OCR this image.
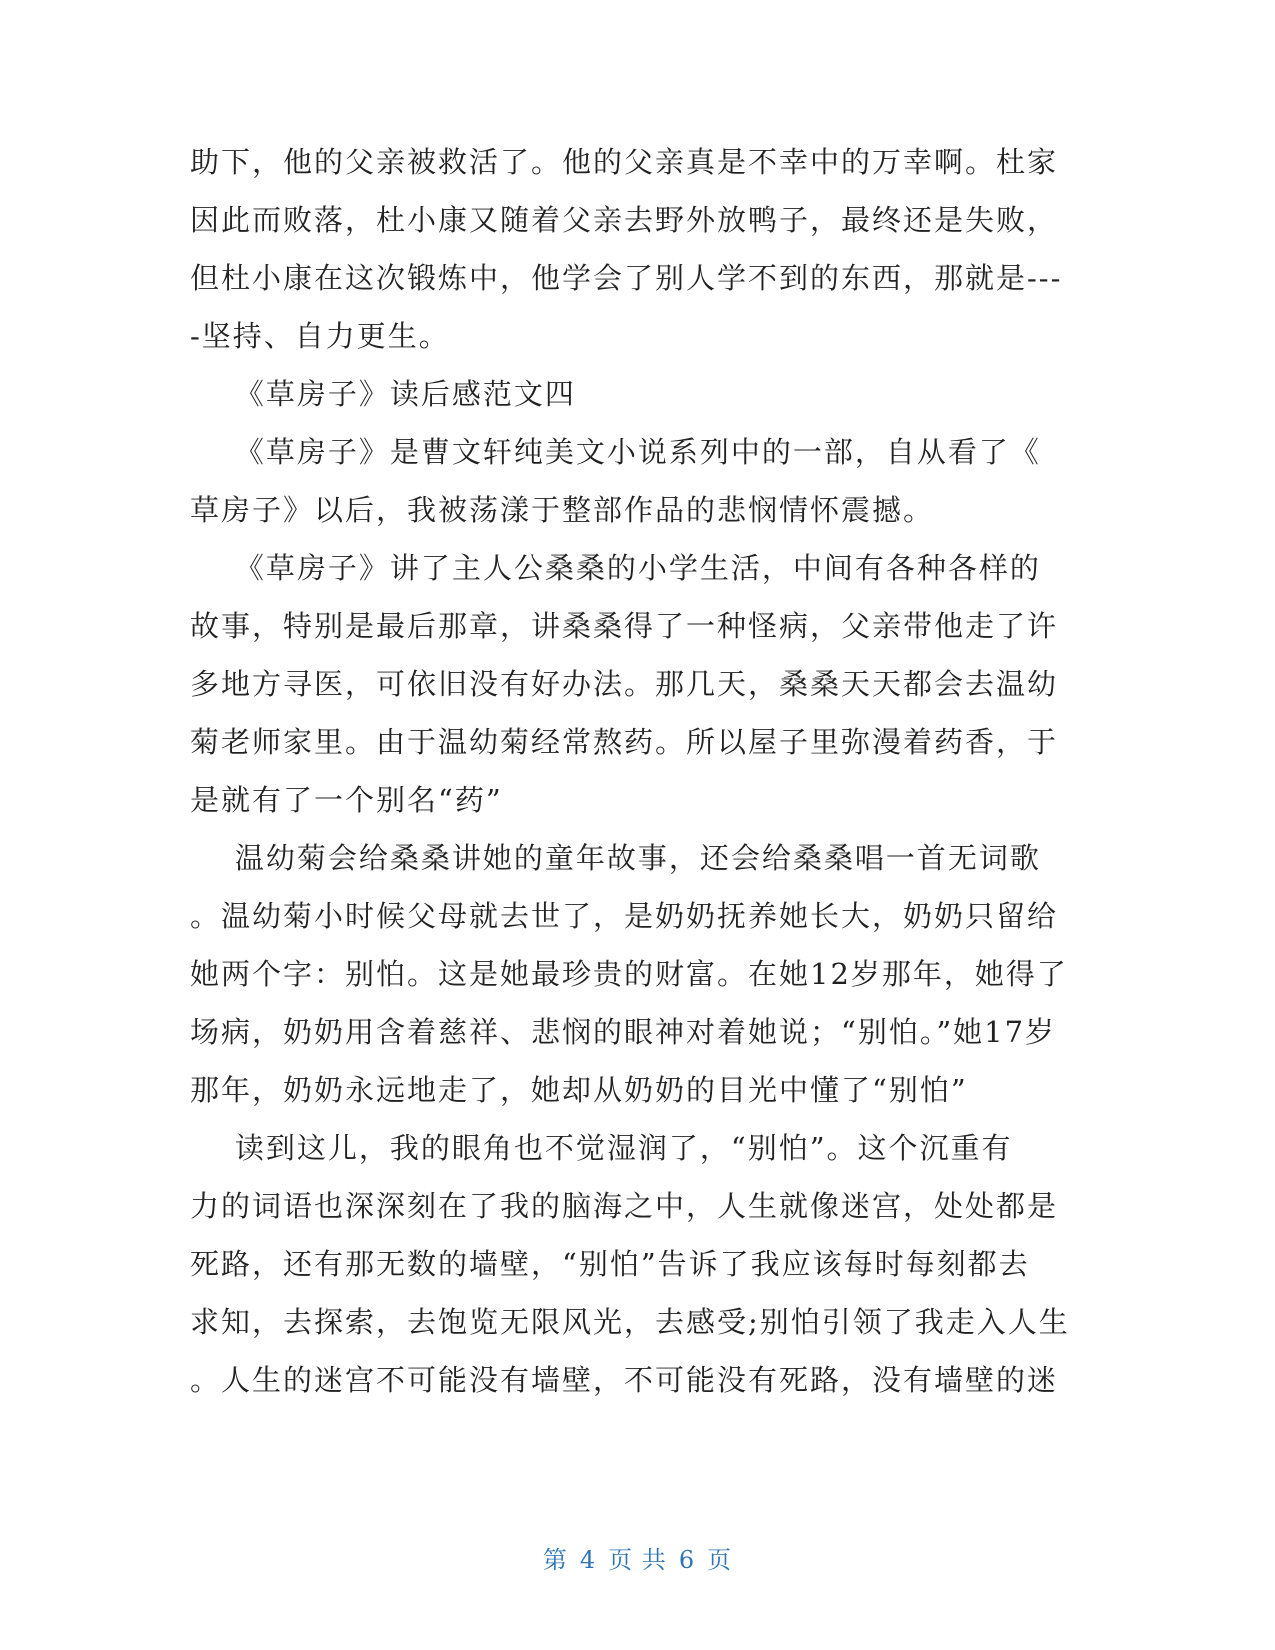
助下，他的父亲被救活了。他的父亲真是不幸中的万幸啊。杜家
因此而败落，杜小康又随着父亲去野外放鸭子，最终还是失败，
但杜小康在这次锻炼中，他学会了别人学不到的东西，那就是---
-坚持、自力更生。
《草房子》读后感范文四
《草房子》是曹文轩纯美文小说系列中的一部，自从看了《
草房子》以后，我被荡漾于整部作品的悲悯情怀震撼。
《草房子》讲了主人公桑桑的小学生活，中间有各种各样的
故事，特别是最后那章，讲桑桑得了一种怪病，父亲带他走了许
多地方寻医，可依旧没有好办法。那几天，桑桑天天都会去温幼
菊老师家里。由于温幼菊经常熬药。所以屋子里弥漫着药香，于
是就有了一个别名“药”
温幼菊会给桑桑讲她的童年故事，还会给桑桑唱一首无词歌
。温幼菊小时候父母就去世了，是奶奶抚养她长大，奶奶只留给
她两个字：别怕。这是她最珍贵的财富。在她12岁那年，她得了
场病，奶奶用含着慈祥、悲悯的眼神对着她说；“别怕。”她17岁
那年，奶奶永远地走了，她却从奶奶的目光中懂了“别怕”
读到这儿，我的眼角也不觉湿润了，“别怕”。这个沉重有
力的词语也深深刻在了我的脑海之中，人生就像迷宫，处处都是
死路，还有那无数的墙壁，“别怕”告诉了我应该每时每刻都去
求知，去探索，去饱览无限风光，去感受;别怕引领了我走入人生
。人生的迷宫不可能没有墙壁，不可能没有死路，没有墙壁的迷
第 4 页 共 6 页
